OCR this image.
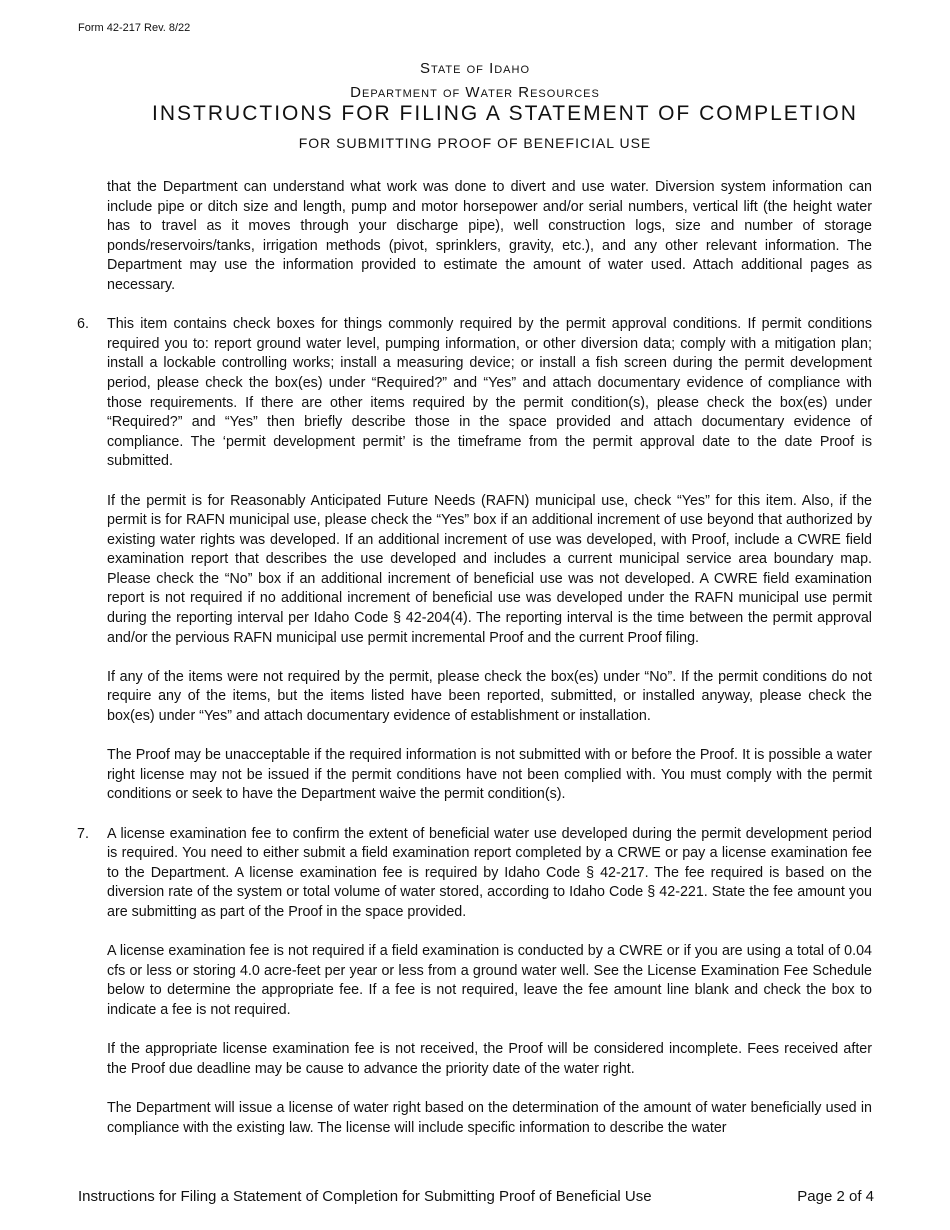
Form 42-217 Rev. 8/22
State of Idaho
Department of Water Resources
INSTRUCTIONS FOR FILING A STATEMENT OF COMPLETION
FOR SUBMITTING PROOF OF BENEFICIAL USE

that the Department can understand what work was done to divert and use water. Diversion system information can include pipe or ditch size and length, pump and motor horsepower and/or serial numbers, vertical lift (the height water has to travel as it moves through your discharge pipe), well construction logs, size and number of storage ponds/reservoirs/tanks, irrigation methods (pivot, sprinklers, gravity, etc.), and any other relevant information. The Department may use the information provided to estimate the amount of water used. Attach additional pages as necessary.

6. This item contains check boxes for things commonly required by the permit approval conditions. If permit conditions required you to: report ground water level, pumping information, or other diversion data; comply with a mitigation plan; install a lockable controlling works; install a measuring device; or install a fish screen during the permit development period, please check the box(es) under “Required?” and “Yes” and attach documentary evidence of compliance with those requirements. If there are other items required by the permit condition(s), please check the box(es) under “Required?” and “Yes” then briefly describe those in the space provided and attach documentary evidence of compliance. The ‘permit development permit’ is the timeframe from the permit approval date to the date Proof is submitted.

If the permit is for Reasonably Anticipated Future Needs (RAFN) municipal use, check “Yes” for this item. Also, if the permit is for RAFN municipal use, please check the “Yes” box if an additional increment of use beyond that authorized by existing water rights was developed. If an additional increment of use was developed, with Proof, include a CWRE field examination report that describes the use developed and includes a current municipal service area boundary map. Please check the “No” box if an additional increment of beneficial use was not developed. A CWRE field examination report is not required if no additional increment of beneficial use was developed under the RAFN municipal use permit during the reporting interval per Idaho Code § 42-204(4). The reporting interval is the time between the permit approval and/or the pervious RAFN municipal use permit incremental Proof and the current Proof filing.

If any of the items were not required by the permit, please check the box(es) under “No”. If the permit conditions do not require any of the items, but the items listed have been reported, submitted, or installed anyway, please check the box(es) under “Yes” and attach documentary evidence of establishment or installation.

The Proof may be unacceptable if the required information is not submitted with or before the Proof. It is possible a water right license may not be issued if the permit conditions have not been complied with. You must comply with the permit conditions or seek to have the Department waive the permit condition(s).

7. A license examination fee to confirm the extent of beneficial water use developed during the permit development period is required. You need to either submit a field examination report completed by a CRWE or pay a license examination fee to the Department. A license examination fee is required by Idaho Code § 42-217. The fee required is based on the diversion rate of the system or total volume of water stored, according to Idaho Code § 42-221. State the fee amount you are submitting as part of the Proof in the space provided.

A license examination fee is not required if a field examination is conducted by a CWRE or if you are using a total of 0.04 cfs or less or storing 4.0 acre-feet per year or less from a ground water well. See the License Examination Fee Schedule below to determine the appropriate fee. If a fee is not required, leave the fee amount line blank and check the box to indicate a fee is not required.

If the appropriate license examination fee is not received, the Proof will be considered incomplete. Fees received after the Proof due deadline may be cause to advance the priority date of the water right.

The Department will issue a license of water right based on the determination of the amount of water beneficially used in compliance with the existing law. The license will include specific information to describe the water

Instructions for Filing a Statement of Completion for Submitting Proof of Beneficial Use	Page 2 of 4
